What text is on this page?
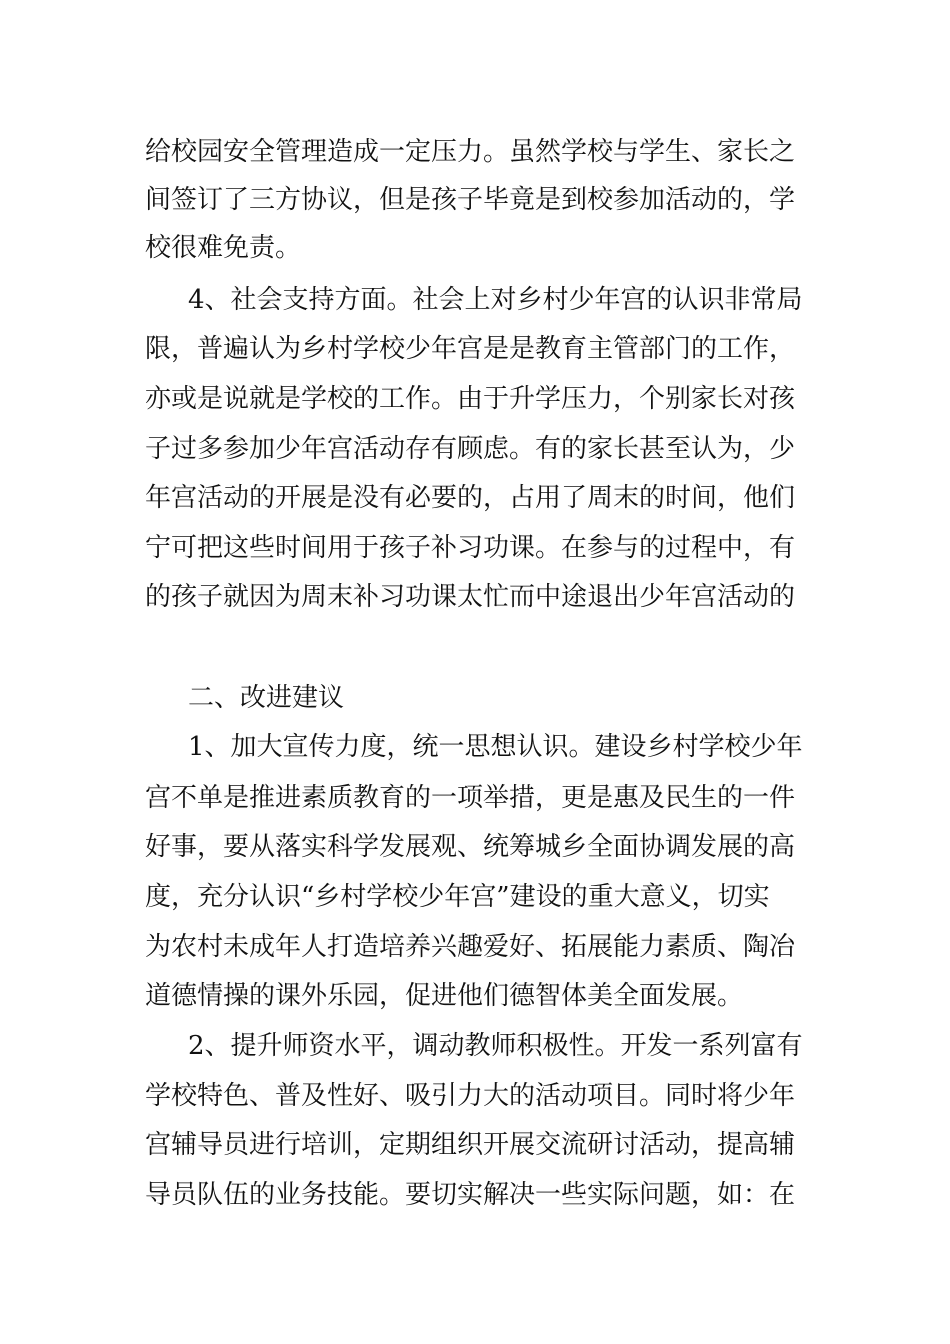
给校园安全管理造成一定压力。虽然学校与学生、家长之
间签订了三方协议，但是孩子毕竟是到校参加活动的，学
校很难免责。
4、社会支持方面。社会上对乡村少年宫的认识非常局
限，普遍认为乡村学校少年宫是是教育主管部门的工作，
亦或是说就是学校的工作。由于升学压力，个别家长对孩
子过多参加少年宫活动存有顾虑。有的家长甚至认为，少
年宫活动的开展是没有必要的，占用了周末的时间，他们
宁可把这些时间用于孩子补习功课。在参与的过程中，有
的孩子就因为周末补习功课太忙而中途退出少年宫活动的
二、改进建议
1、加大宣传力度，统一思想认识。建设乡村学校少年
宫不单是推进素质教育的一项举措，更是惠及民生的一件
好事，要从落实科学发展观、统筹城乡全面协调发展的高
度，充分认识“乡村学校少年宫”建设的重大意义，切实
为农村未成年人打造培养兴趣爱好、拓展能力素质、陶冶
道德情操的课外乐园，促进他们德智体美全面发展。
2、提升师资水平，调动教师积极性。开发一系列富有
学校特色、普及性好、吸引力大的活动项目。同时将少年
宫辅导员进行培训，定期组织开展交流研讨活动，提高辅
导员队伍的业务技能。要切实解决一些实际问题，如：在
